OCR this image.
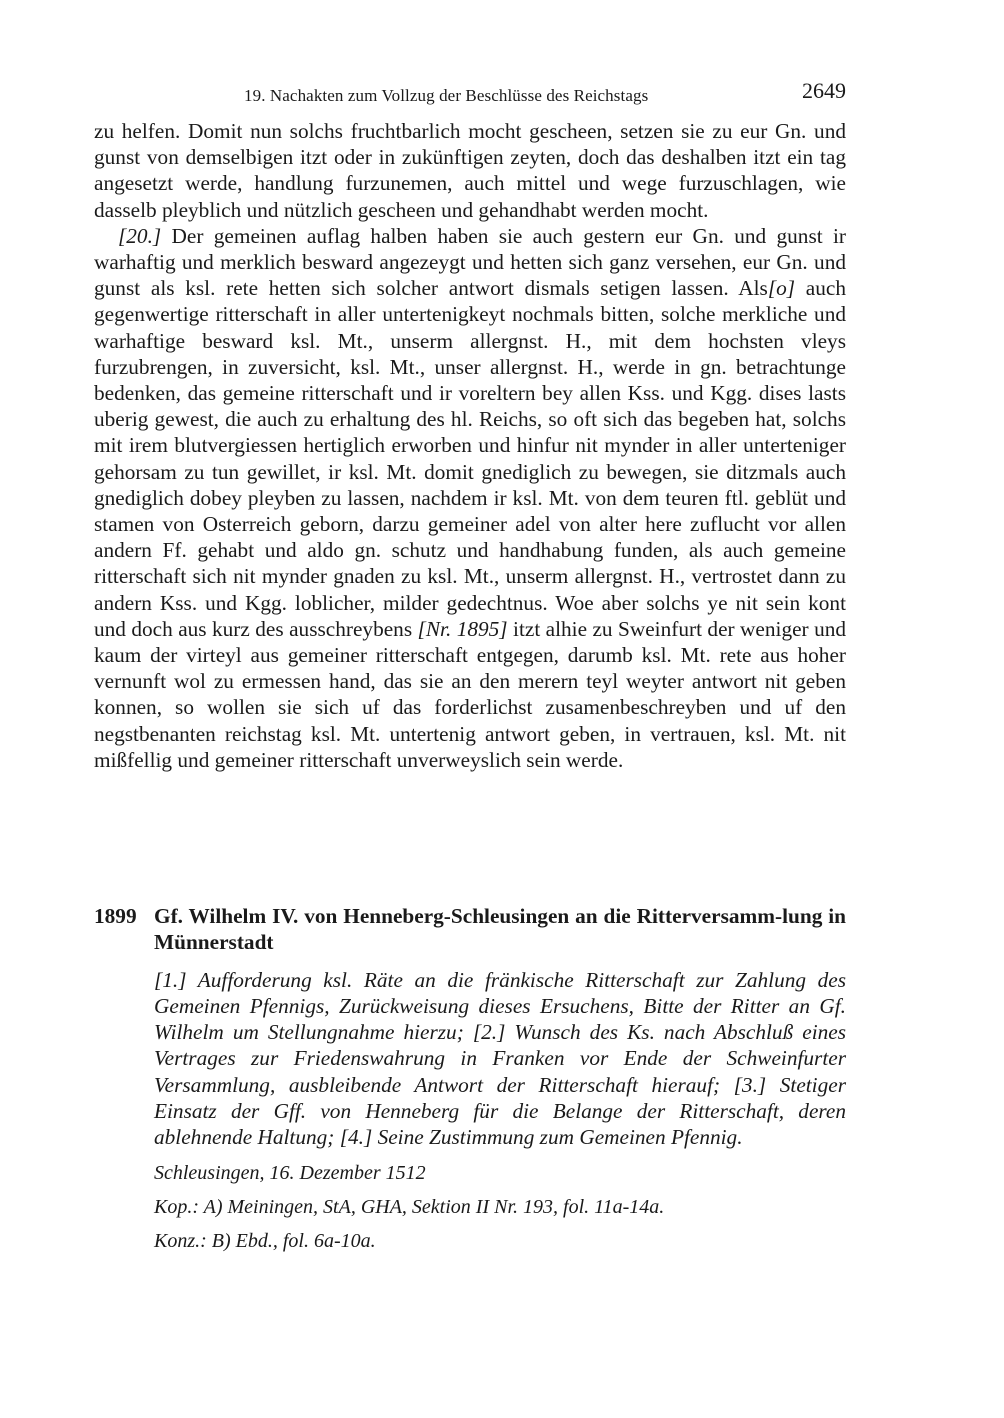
19. Nachakten zum Vollzug der Beschlüsse des Reichstags	2649

zu helfen. Domit nun solchs fruchtbarlich mocht gescheen, setzen sie zu eur Gn. und gunst von demselbigen itzt oder in zukünftigen zeyten, doch das deshalben itzt ein tag angesetzt werde, handlung furzunemen, auch mittel und wege furzuschlagen, wie dasselb pleyblich und nützlich gescheen und gehandhabt werden mocht.

[20.] Der gemeinen auflag halben haben sie auch gestern eur Gn. und gunst ir warhaftig und merklich besward angezeygt und hetten sich ganz versehen, eur Gn. und gunst als ksl. rete hetten sich solcher antwort dismals setigen lassen. Als[o] auch gegenwertige ritterschaft in aller untertenigkeyt nochmals bitten, solche merkliche und warhaftige besward ksl. Mt., unserm allergnst. H., mit dem hochsten vleys furzubrengen, in zuversicht, ksl. Mt., unser allergnst. H., werde in gn. betrachtunge bedenken, das gemeine ritterschaft und ir voreltern bey allen Kss. und Kgg. dises lasts uberig gewest, die auch zu erhaltung des hl. Reichs, so oft sich das begeben hat, solchs mit irem blutvergiessen hertiglich erworben und hinfur nit mynder in aller unterteniger gehorsam zu tun gewillet, ir ksl. Mt. domit gnediglich zu bewegen, sie ditzmals auch gnediglich dobey pleyben zu lassen, nachdem ir ksl. Mt. von dem teuren ftl. geblüt und stamen von Osterreich geborn, darzu gemeiner adel von alter here zuflucht vor allen andern Ff. gehabt und aldo gn. schutz und handhabung funden, als auch gemeine ritterschaft sich nit mynder gnaden zu ksl. Mt., unserm allergnst. H., vertrostet dann zu andern Kss. und Kgg. loblicher, milder gedechtnus. Woe aber solchs ye nit sein kont und doch aus kurz des ausschreybens [Nr. 1895] itzt alhie zu Sweinfurt der weniger und kaum der virteyl aus gemeiner ritterschaft entgegen, darumb ksl. Mt. rete aus hoher vernunft wol zu ermessen hand, das sie an den merern teyl weyter antwort nit geben konnen, so wollen sie sich uf das forderlichst zusamenbeschreyben und uf den negstbenanten reichstag ksl. Mt. untertenig antwort geben, in vertrauen, ksl. Mt. nit mißfellig und gemeiner ritterschaft unverweyslich sein werde.

1899 Gf. Wilhelm IV. von Henneberg-Schleusingen an die Ritterversamm-lung in Münnerstadt

[1.] Aufforderung ksl. Räte an die fränkische Ritterschaft zur Zahlung des Gemeinen Pfennigs, Zurückweisung dieses Ersuchens, Bitte der Ritter an Gf. Wilhelm um Stellungnahme hierzu; [2.] Wunsch des Ks. nach Abschluß eines Vertrages zur Friedenswahrung in Franken vor Ende der Schweinfurter Versammlung, ausbleibende Antwort der Ritterschaft hierauf; [3.] Stetiger Einsatz der Gff. von Henneberg für die Belange der Ritterschaft, deren ablehnende Haltung; [4.] Seine Zustimmung zum Gemeinen Pfennig.

Schleusingen, 16. Dezember 1512

Kop.: A) Meiningen, StA, GHA, Sektion II Nr. 193, fol. 11a-14a.

Konz.: B) Ebd., fol. 6a-10a.
